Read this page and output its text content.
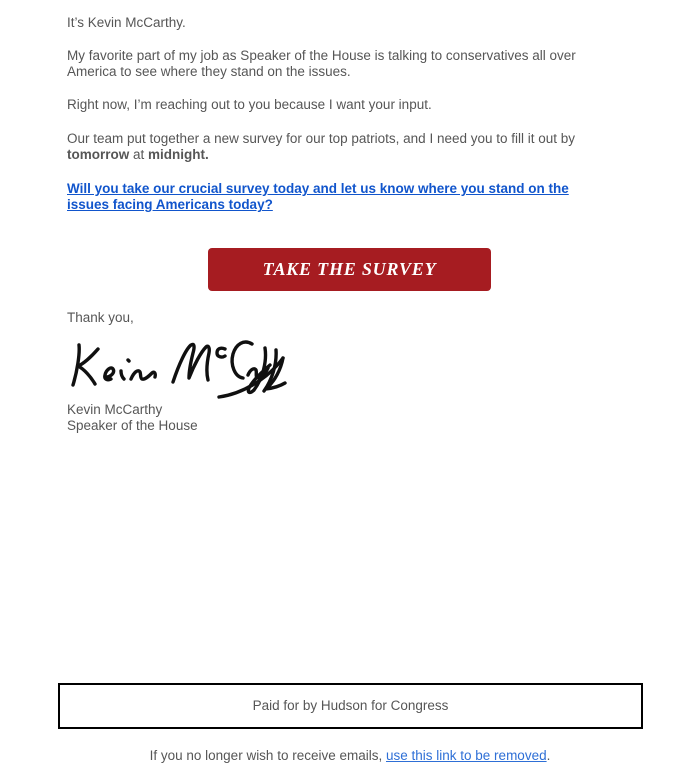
It’s Kevin McCarthy.
My favorite part of my job as Speaker of the House is talking to conservatives all over
America to see where they stand on the issues.
Right now, I’m reaching out to you because I want your input.
Our team put together a new survey for our top patriots, and I need you to fill it out by
tomorrow at midnight.
Will you take our crucial survey today and let us know where you stand on the
issues facing Americans today?
TAKE THE SURVEY
Thank you,
Kevin McCarthy
Speaker of the House
Paid for by Hudson for Congress
If you no longer wish to receive emails, use this link to be removed.
